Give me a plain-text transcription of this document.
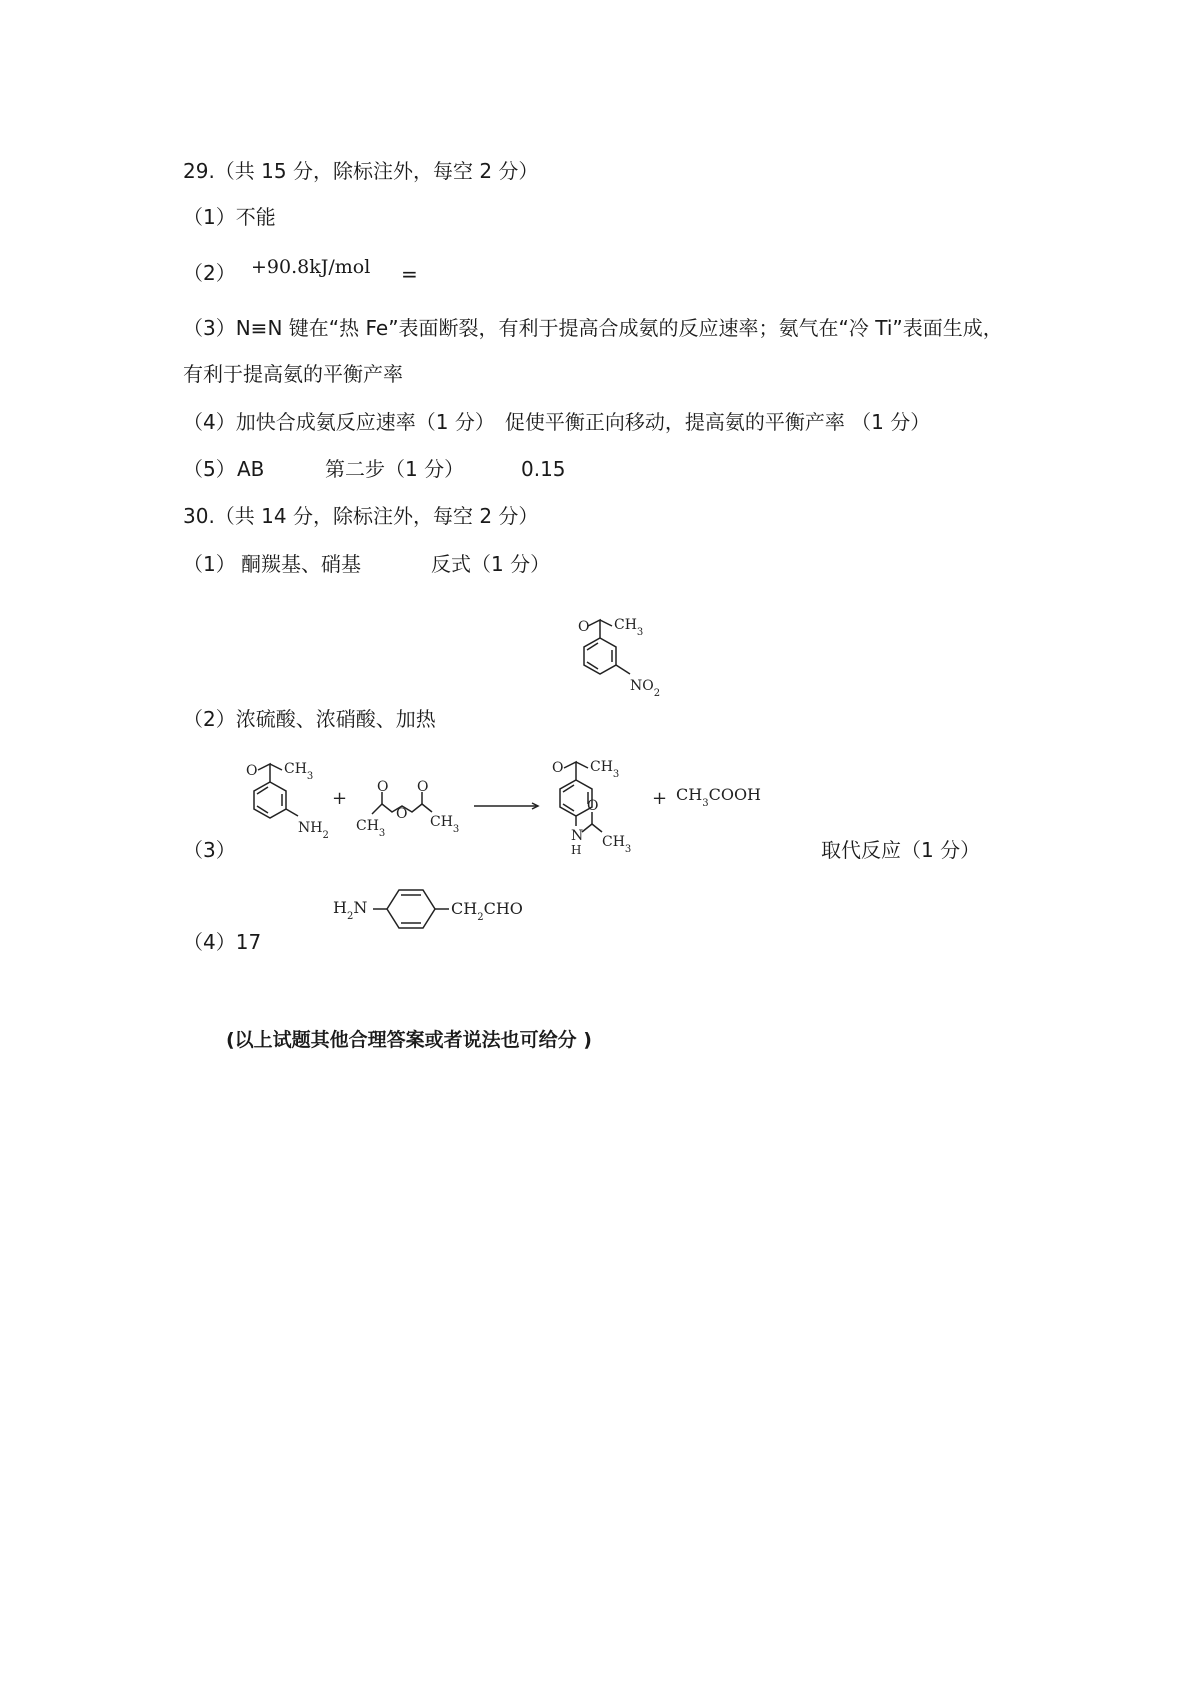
29.（共 15 分，除标注外，每空 2 分）
（1）不能
（2） +90.8kJ/mol =
（3）N≡N 键在“热 Fe”表面断裂，有利于提高合成氨的反应速率；氨气在“冷 Ti”表面生成，
有利于提高氨的平衡产率
（4）加快合成氨反应速率（1 分）　促使平衡正向移动，提高氨的平衡产率 （1 分）
（5） AB	第二步（1 分）	0.15
30.（共 14 分，除标注外，每空 2 分）
（1） 酮羰基、硝基	反式（1 分）
O $CH_3$
$NO_2$
（2）浓硫酸、浓硝酸、加热
O $CH_3$
$NH_2$
+
O O
O
$CH_3$
$CH_3$
O $CH_3$
N
H
O
$CH_3$
+ $CH_3COOH$
（3）	取代反应（1 分）
$H_2N$	$CH_2CHO$
（4）17
(以上试题其他合理答案或者说法也可给分 )
